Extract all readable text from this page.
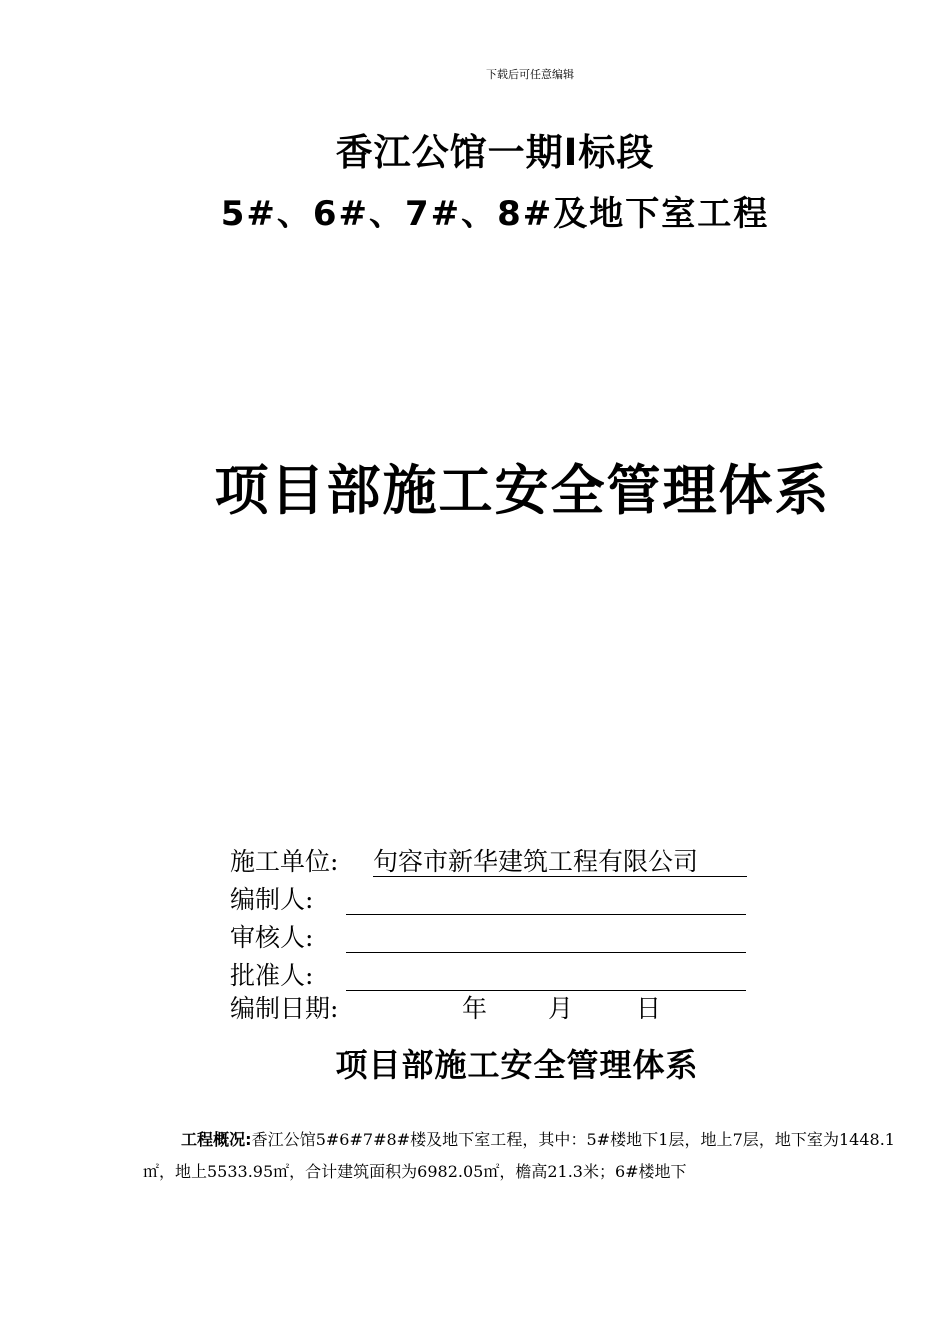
下载后可任意编辑
香江公馆一期Ⅰ标段
5#、6#、7#、8#及地下室工程
项目部施工安全管理体系
施工单位: 句容市新华建筑工程有限公司
编制人:
审核人:
批准人:
编制日期:	年 月	日
项目部施工安全管理体系
工程概况:香江公馆5#6#7#8#楼及地下室工程，其中：5#楼地下1层，地上7层，地下室为1448.1㎡，地上5533.95㎡，合计建筑面积为6982.05㎡，檐高21.3米；6#楼地下
